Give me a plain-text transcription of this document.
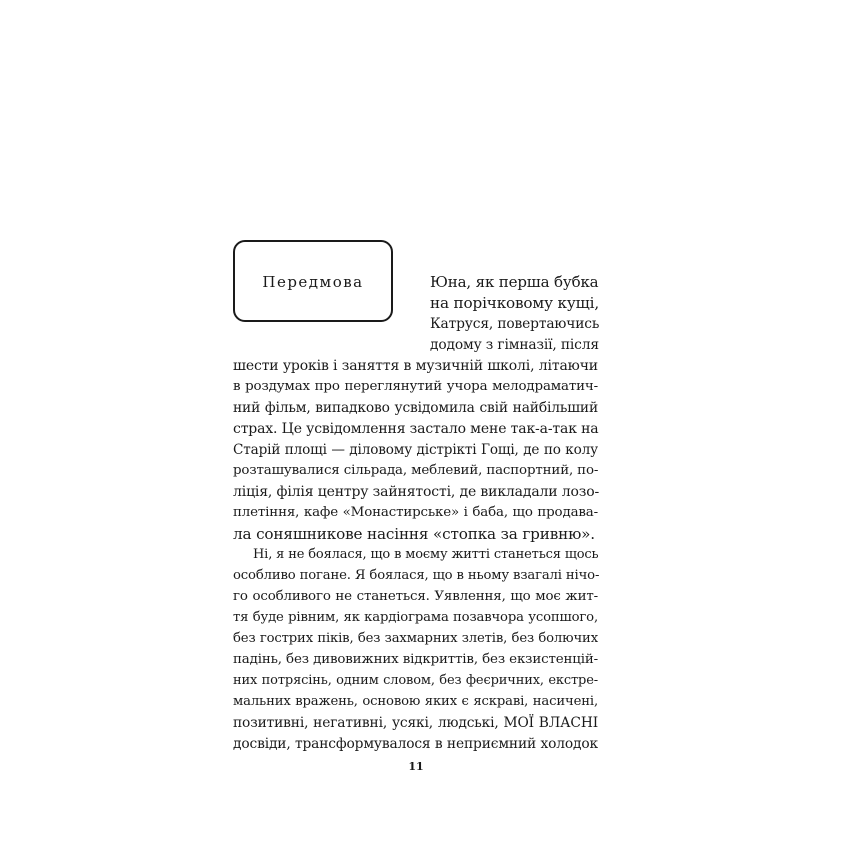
Передмова	Юна, як перша бубка
на порічковому кущі,
Катруся, повертаючись
додому з гімназії, після
шести уроків і заняття в музичній школі, літаючи
в роздумах про переглянутий учора мелодраматич-
ний фільм, випадково усвідомила свій найбільший
страх. Це усвідомлення застало мене так-а-так на
Старій площі — діловому дістрікті Гощі, де по колу
розташувалися сільрада, меблевий, паспортний, по-
ліція, філія центру зайнятості, де викладали лозо-
плетіння, кафе «Монастирське» і баба, що продава-
ла соняшникове насіння «стопка за гривню».
Ні, я не боялася, що в моєму житті станеться щось
особливо погане. Я боялася, що в ньому взагалі нічо-
го особливого не станеться. Уявлення, що моє жит-
тя буде рівним, як кардіограма позавчора усопшого,
без гострих піків, без захмарних злетів, без болючих
падінь, без дивовижних відкриттів, без екзистенцій-
них потрясінь, одним словом, без феєричних, екстре-
мальних вражень, основою яких є яскраві, насичені,
позитивні, негативні, усякі, людські, МОЇ ВЛАСНІ
досвіди, трансформувалося в неприємний холодок
11
